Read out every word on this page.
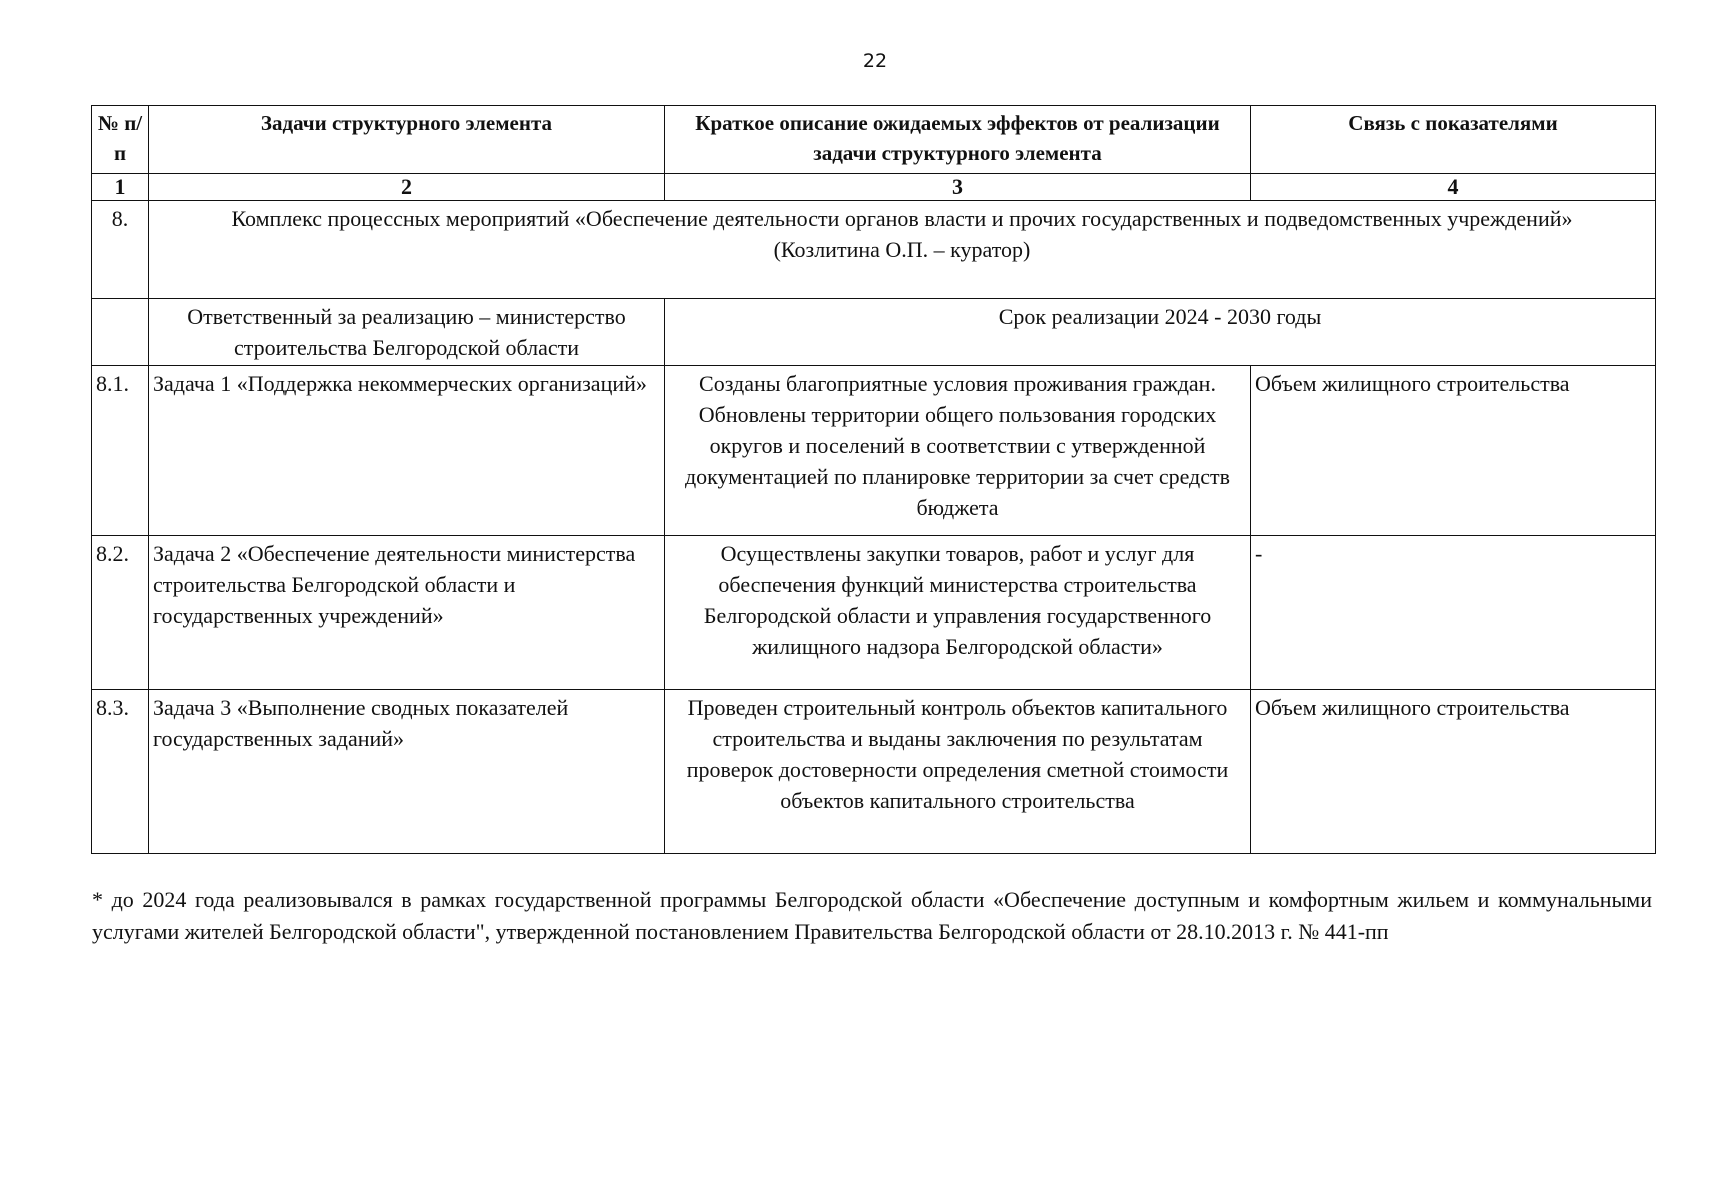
22
№ п/п	Задачи структурного элемента	Краткое описание ожидаемых эффектов от реализации задачи структурного элемента	Связь с показателями
1	2	3	4
8.	Комплекс процессных мероприятий «Обеспечение деятельности органов власти и прочих государственных и подведомственных учреждений»
(Козлитина О.П. – куратор)		

	Ответственный за реализацию – министерство строительства Белгородской области	Срок реализации 2024 - 2030 годы	
8.1.	Задача 1 «Поддержка некоммерческих организаций»	Созданы благоприятные условия проживания граждан. Обновлены территории общего пользования городских округов и поселений в соответствии с утвержденной документацией по планировке территории за счет средств бюджета	Объем жилищного строительства
8.2.	Задача 2 «Обеспечение деятельности министерства строительства Белгородской области и государственных учреждений»	Осуществлены закупки товаров, работ и услуг для обеспечения функций министерства строительства Белгородской области и управления государственного жилищного надзора Белгородской области»	-
8.3.	Задача 3 «Выполнение сводных показателей государственных заданий»	Проведен строительный контроль объектов капитального строительства и выданы заключения по результатам проверок достоверности определения сметной стоимости объектов капитального строительства	Объем жилищного строительства
* до 2024 года реализовывался в рамках государственной программы Белгородской области «Обеспечение доступным и комфортным жильем и коммунальными услугами жителей Белгородской области", утвержденной постановлением Правительства Белгородской области от 28.10.2013 г. № 441-пп
